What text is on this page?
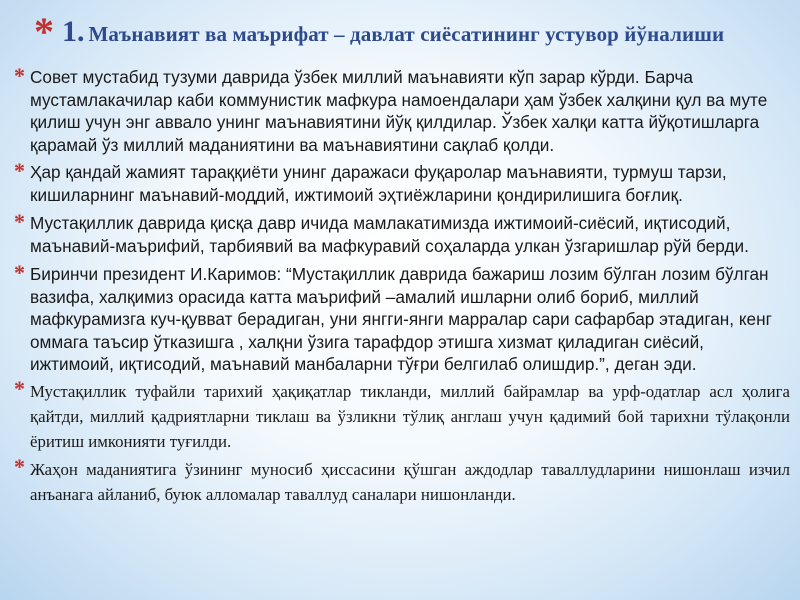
* 1. Маънавият ва маърифат – давлат сиёсатининг устувор йўналиши
* Совет мустабид тузуми даврида ўзбек миллий маънавияти кўп зарар кўрди. Барча мустамлакачилар каби коммунистик мафкура намоендалари ҳам ўзбек халқини қул ва муте қилиш учун энг аввало унинг маънавиятини йўқ қилдилар. Ўзбек халқи катта йўқотишларга қарамай ўз миллий маданиятини ва маънавиятини сақлаб қолди.
* Ҳар қандай жамият тараққиёти унинг даражаси фуқаролар маънавияти, турмуш тарзи, кишиларнинг маънавий-моддий, ижтимоий эҳтиёжларини қондирилишига боғлиқ.
* Мустақиллик даврида қисқа давр ичида мамлакатимизда ижтимоий-сиёсий, иқтисодий, маънавий-маърифий, тарбиявий ва мафкуравий соҳаларда улкан ўзгаришлар рўй берди.
* Биринчи президент И.Каримов: “Мустақиллик даврида бажариш лозим бўлган лозим бўлган вазифа, халқимиз орасида катта маърифий –амалий ишларни олиб бориб, миллий мафкурамизга куч-қувват берадиган, уни янгги-янги марралар сари сафарбар этадиган, кенг оммага таъсир ўтказишга , халқни ўзига тарафдор этишга хизмат қиладиган сиёсий, ижтимоий, иқтисодий, маънавий манбаларни тўғри белгилаб олишдир.”, деган эди.
* Мустақиллик туфайли тарихий ҳақиқатлар тикланди, миллий байрамлар ва урф-одатлар асл ҳолига қайтди, миллий қадриятларни тиклаш ва ўзликни тўлиқ англаш учун қадимий бой тарихни тўлақонли ёритиш имконияти туғилди.
* Жаҳон маданиятига ўзининг муносиб ҳиссасини қўшган аждодлар таваллудларини нишонлаш изчил анъанага айланиб, буюк алломалар таваллуд саналари нишонланди.
